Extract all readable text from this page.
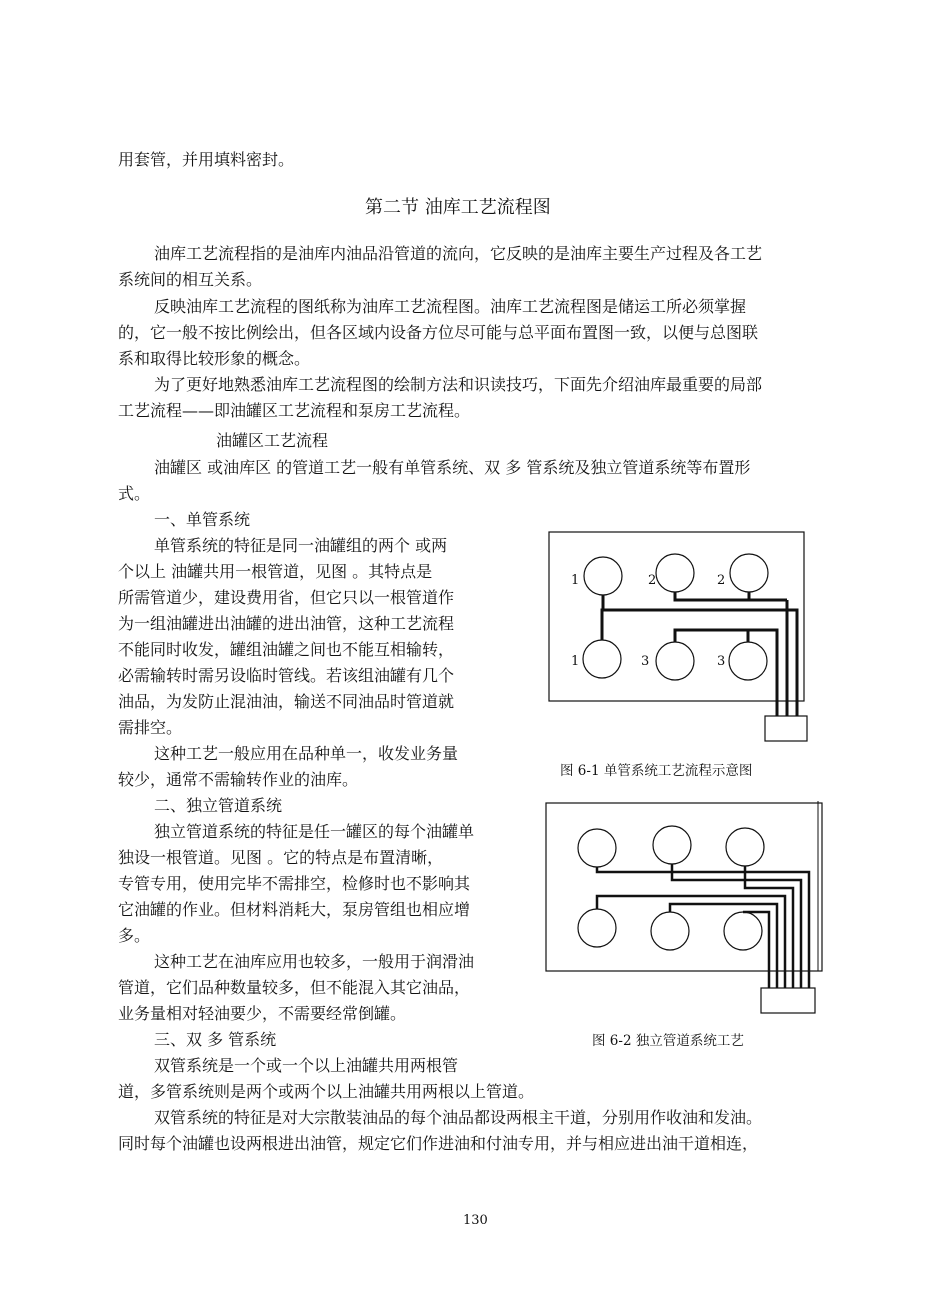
用套管，并用填料密封。
第二节 油库工艺流程图
油库工艺流程指的是油库内油品沿管道的流向，它反映的是油库主要生产过程及各工艺
系统间的相互关系。
反映油库工艺流程的图纸称为油库工艺流程图。油库工艺流程图是储运工所必须掌握
的，它一般不按比例绘出，但各区域内设备方位尽可能与总平面布置图一致，以便与总图联
系和取得比较形象的概念。
为了更好地熟悉油库工艺流程图的绘制方法和识读技巧，下面先介绍油库最重要的局部
工艺流程——即油罐区工艺流程和泵房工艺流程。
油罐区工艺流程
油罐区 或油库区 的管道工艺一般有单管系统、双 多 管系统及独立管道系统等布置形
式。
一、单管系统
单管系统的特征是同一油罐组的两个 或两
个以上 油罐共用一根管道，见图 。其特点是
所需管道少，建设费用省，但它只以一根管道作
为一组油罐进出油罐的进出油管，这种工艺流程
不能同时收发，罐组油罐之间也不能互相输转，
必需输转时需另设临时管线。若该组油罐有几个
油品，为发防止混油油，输送不同油品时管道就
需排空。
这种工艺一般应用在品种单一，收发业务量
较少，通常不需输转作业的油库。
二、独立管道系统
独立管道系统的特征是任一罐区的每个油罐单
独设一根管道。见图 。它的特点是布置清晰，
专管专用，使用完毕不需排空，检修时也不影响其
它油罐的作业。但材料消耗大，泵房管组也相应增
多。
这种工艺在油库应用也较多，一般用于润滑油
管道，它们品种数量较多，但不能混入其它油品，
业务量相对轻油要少，不需要经常倒罐。
三、双 多 管系统
双管系统是一个或一个以上油罐共用两根管
道，多管系统则是两个或两个以上油罐共用两根以上管道。
双管系统的特征是对大宗散装油品的每个油品都设两根主干道，分别用作收油和发油。
同时每个油罐也设两根进出油管，规定它们作进油和付油专用，并与相应进出油干道相连，
1	2	2
1	3	3
图 6-1 单管系统工艺流程示意图
图 6-2 独立管道系统工艺
130
